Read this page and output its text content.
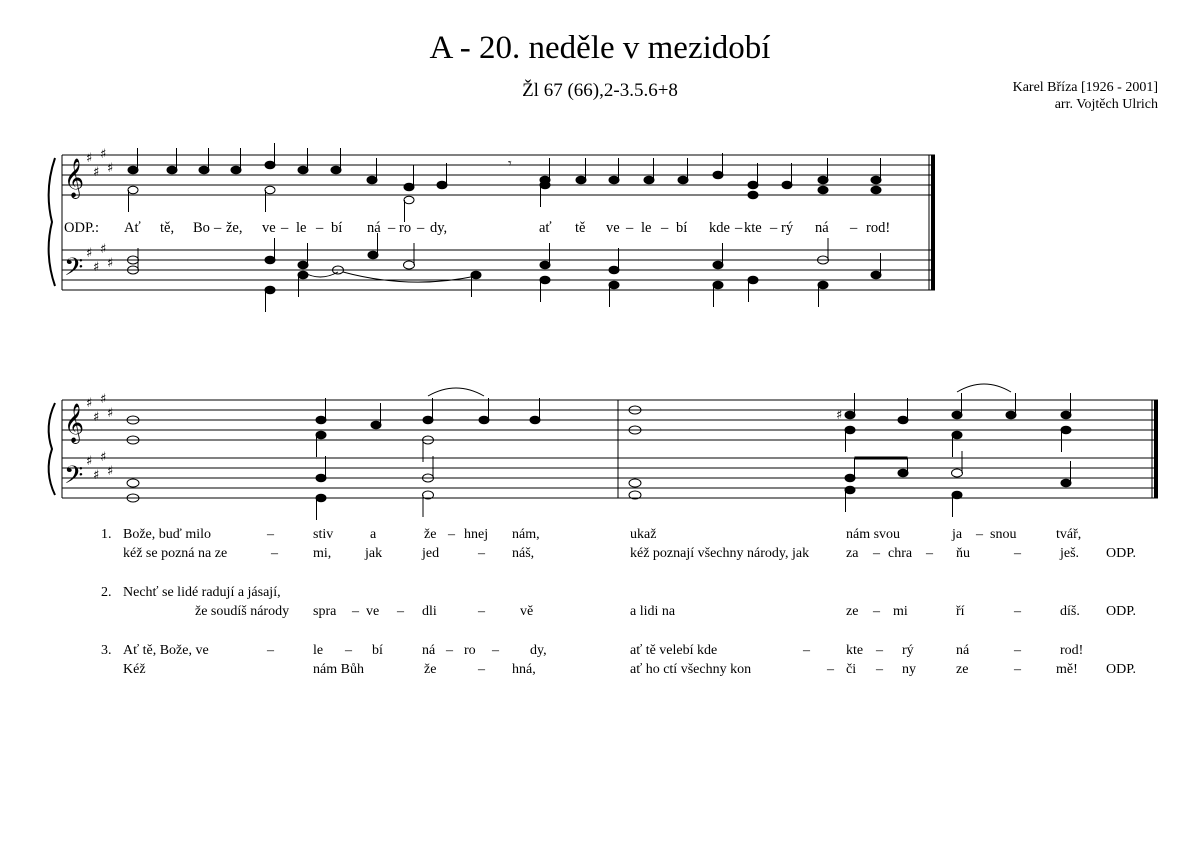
A - 20. neděle v mezidobí
Žl 67 (66),2-3.5.6+8	Karel Bříza [1926 - 2001]
arr. Vojtěch Ulrich
𝄞
𝄢
𝄞
𝄢
♯
♯
♯
♯
♯
♯
♯
♯
♯
♯
♯
♯
♯
♯
♯
♯
𝄾
♯
ODP.: Ať tě, Bo – že, ve – le – bí ná – ro – dy,	ať tě ve – le – bí kde – kte – rý ná – rod!
1. Bože, buď milo	–	stiv	a	že – hnej nám,	ukaž	nám svou	ja – snou	tvář,
kéž se pozná na ze	–	mi, jak	jed	– náš,	kéž poznají všechny národy, jak	za – chra – ňu	–	ješ. ODP.
2. Nechť se lidé radují a jásají,
že soudíš národy spra – ve – dli	–	vě	a lidi na	ze – mi	ří	–	díš. ODP.
3. Ať tě, Bože, ve	–	le – bí	ná – ro – dy,	ať tě velebí kde	–	kte – rý	ná	–	rod!
Kéž	nám Bůh	že	– hná,	ať ho ctí všechny kon	– či – ny	ze	–	mě! ODP.
